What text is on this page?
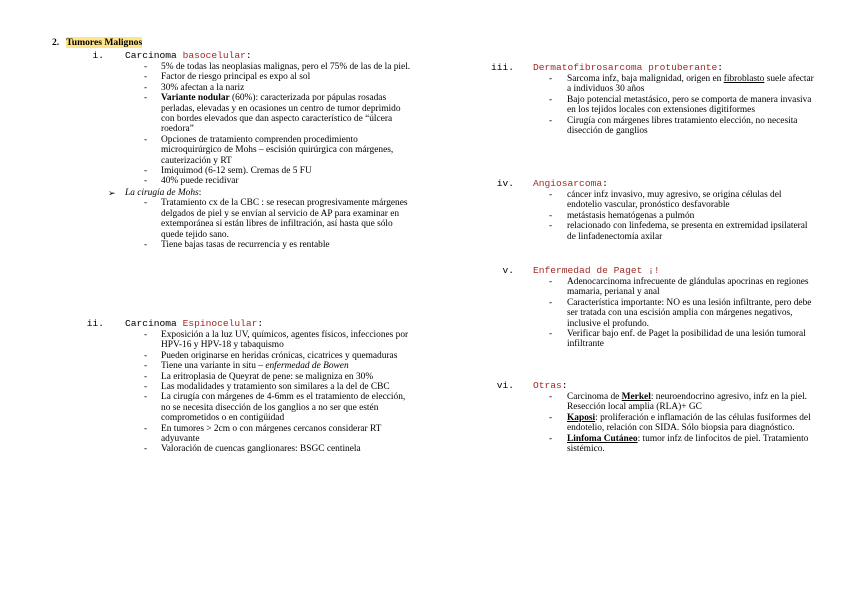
2. Tumores Malignos
i. Carcinoma basocelular:
- 5% de todas las neoplasias malignas, pero el 75% de las de la piel.
- Factor de riesgo principal es expo al sol
- 30% afectan a la nariz
- Variante nodular (60%): caracterizada por pápulas rosadas perladas, elevadas y en ocasiones un centro de tumor deprimido con bordes elevados que dan aspecto característico de “úlcera roedora”
- Opciones de tratamiento comprenden procedimiento microquirúrgico de Mohs – escisión quirúrgica con márgenes, cauterización y RT
- Imiquimod (6-12 sem). Cremas de 5 FU
- 40% puede recidivar
➢ La cirugía de Mohs:
- Tratamiento cx de la CBC : se resecan progresivamente márgenes delgados de piel y se envían al servicio de AP para examinar en extemporánea si están libres de infiltración, así hasta que sólo quede tejido sano.
- Tiene bajas tasas de recurrencia y es rentable
ii. Carcinoma Espinocelular:
- Exposición a la luz UV, químicos, agentes físicos, infecciones por HPV-16 y HPV-18 y tabaquismo
- Pueden originarse en heridas crónicas, cicatrices y quemaduras
- Tiene una variante in situ – enfermedad de Bowen
- La eritroplasia de Queyrat de pene: se malignizа en 30%
- Las modalidades y tratamiento son similares a la del de CBC
- La cirugía con márgenes de 4-6mm es el tratamiento de elección, no se necesita disección de los ganglios a no ser que estén comprometidos o en contigüidad
- En tumores > 2cm o con márgenes cercanos considerar RT adyuvante
- Valoración de cuencas ganglionares: BSGC centinela
iii. Dermatofibrosarcoma protuberante:
- Sarcoma infz, baja malignidad, origen en fibroblasto suele afectar a individuos 30 años
- Bajo potencial metastásico, pero se comporta de manera invasiva en los tejidos locales con extensiones digitiformes
- Cirugía con márgenes libres tratamiento elección, no necesita disección de ganglios
iv. Angiosarcoma:
- cáncer infz invasivo, muy agresivo, se origina células del endotelio vascular, pronóstico desfavorable
- metástasis hematógenas a pulmón
- relacionado con linfedema, se presenta en extremidad ipsilateral de linfadenectomía axilar
v. Enfermedad de Paget ¡!
- Adenocarcinoma infrecuente de glándulas apocrinas en regiones mamaria, perianal y anal
- Característica importante: NO es una lesión infiltrante, pero debe ser tratada con una escisión amplia con márgenes negativos, inclusive el profundo.
- Verificar bajo enf. de Paget la posibilidad de una lesión tumoral infiltrante
vi. Otras:
- Carcinoma de Merkel: neuroendocrino agresivo, infz en la piel. Resección local amplia (RLA)+ GC
- Kaposi: proliferación e inflamación de las células fusiformes del endotelio, relación con SIDA. Sólo biopsia para diagnóstico.
- Linfoma Cutáneo: tumor infz de linfocitos de piel. Tratamiento sistémico.
